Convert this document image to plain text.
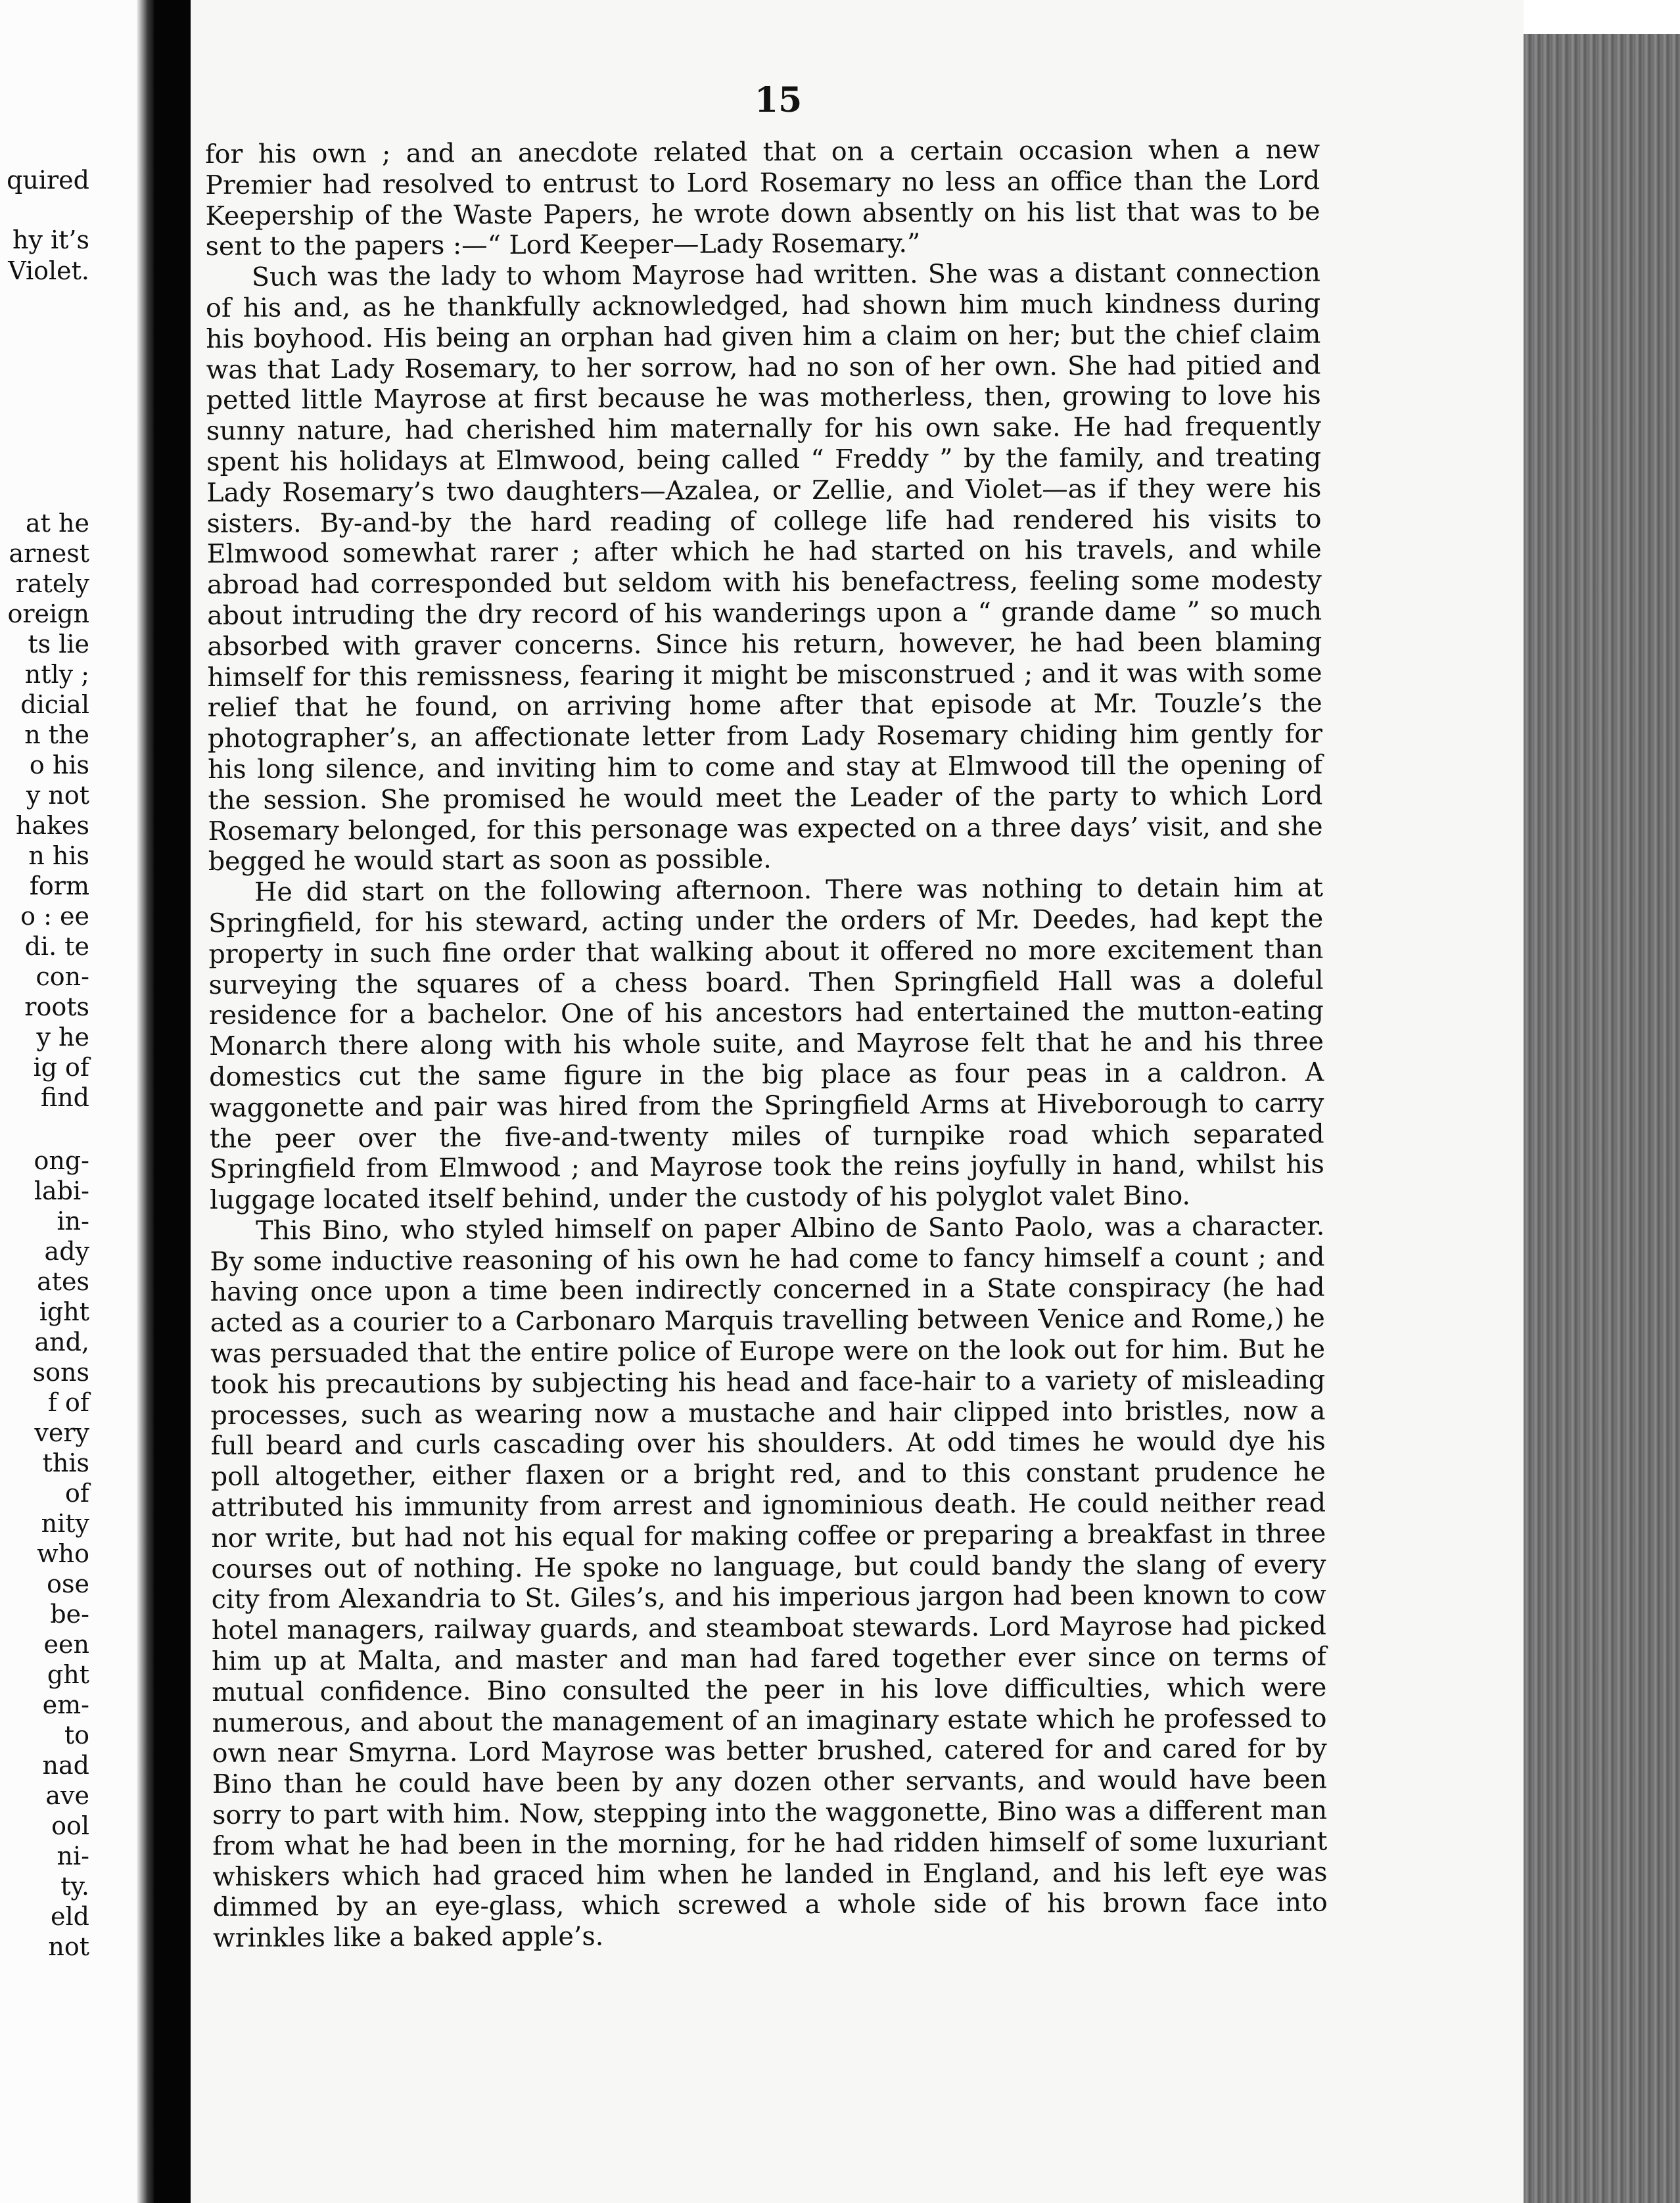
quired
hy it’s
Violet.
at he
arnest
rately
oreign
ts lie
ntly ;
dicial
n the
o his
y not
hakes
n his
form
o : ee
di. te
con-
roots
y he
ig of
find
ong-
labi-
in-
ady
ates
ight
and,
sons
f of
very
this
of
nity
who
ose
be-
een
ght
em-
to
nad
ave
ool
ni-
ty.
eld
not
15

for his own ; and an anecdote related that on a certain occasion when a new Premier had resolved to entrust to Lord Rosemary no less an office than the Lord Keepership of the Waste Papers, he wrote down absently on his list that was to be sent to the papers :—“ Lord Keeper—Lady Rosemary.”

Such was the lady to whom Mayrose had written. She was a distant connection of his and, as he thankfully acknowledged, had shown him much kindness during his boyhood. His being an orphan had given him a claim on her; but the chief claim was that Lady Rosemary, to her sorrow, had no son of her own. She had pitied and petted little Mayrose at first because he was motherless, then, growing to love his sunny nature, had cherished him maternally for his own sake. He had frequently spent his holidays at Elmwood, being called “ Freddy ” by the family, and treating Lady Rosemary’s two daughters—Azalea, or Zellie, and Violet—as if they were his sisters. By-and-by the hard reading of college life had rendered his visits to Elmwood somewhat rarer ; after which he had started on his travels, and while abroad had corresponded but seldom with his benefactress, feeling some modesty about intruding the dry record of his wanderings upon a “ grande dame ” so much absorbed with graver concerns. Since his return, however, he had been blaming himself for this remissness, fearing it might be misconstrued ; and it was with some relief that he found, on arriving home after that episode at Mr. Touzle’s the photographer’s, an affectionate letter from Lady Rosemary chiding him gently for his long silence, and inviting him to come and stay at Elmwood till the opening of the session. She promised he would meet the Leader of the party to which Lord Rosemary belonged, for this personage was expected on a three days’ visit, and she begged he would start as soon as possible.

He did start on the following afternoon. There was nothing to detain him at Springfield, for his steward, acting under the orders of Mr. Deedes, had kept the property in such fine order that walking about it offered no more excitement than surveying the squares of a chess board. Then Springfield Hall was a doleful residence for a bachelor. One of his ancestors had entertained the mutton-eating Monarch there along with his whole suite, and Mayrose felt that he and his three domestics cut the same figure in the big place as four peas in a caldron. A waggonette and pair was hired from the Springfield Arms at Hiveborough to carry the peer over the five-and-twenty miles of turnpike road which separated Springfield from Elmwood ; and Mayrose took the reins joyfully in hand, whilst his luggage located itself behind, under the custody of his polyglot valet Bino.

This Bino, who styled himself on paper Albino de Santo Paolo, was a character. By some inductive reasoning of his own he had come to fancy himself a count ; and having once upon a time been indirectly concerned in a State conspiracy (he had acted as a courier to a Carbonaro Marquis travelling between Venice and Rome,) he was persuaded that the entire police of Europe were on the look out for him. But he took his precautions by subjecting his head and face-hair to a variety of misleading processes, such as wearing now a mustache and hair clipped into bristles, now a full beard and curls cascading over his shoulders. At odd times he would dye his poll altogether, either flaxen or a bright red, and to this constant prudence he attributed his immunity from arrest and ignominious death. He could neither read nor write, but had not his equal for making coffee or preparing a breakfast in three courses out of nothing. He spoke no language, but could bandy the slang of every city from Alexandria to St. Giles’s, and his imperious jargon had been known to cow hotel managers, railway guards, and steamboat stewards. Lord Mayrose had picked him up at Malta, and master and man had fared together ever since on terms of mutual confidence. Bino consulted the peer in his love difficulties, which were numerous, and about the management of an imaginary estate which he professed to own near Smyrna. Lord Mayrose was better brushed, catered for and cared for by Bino than he could have been by any dozen other servants, and would have been sorry to part with him. Now, stepping into the waggonette, Bino was a different man from what he had been in the morning, for he had ridden himself of some luxuriant whiskers which had graced him when he landed in England, and his left eye was dimmed by an eye-glass, which screwed a whole side of his brown face into wrinkles like a baked apple’s.
